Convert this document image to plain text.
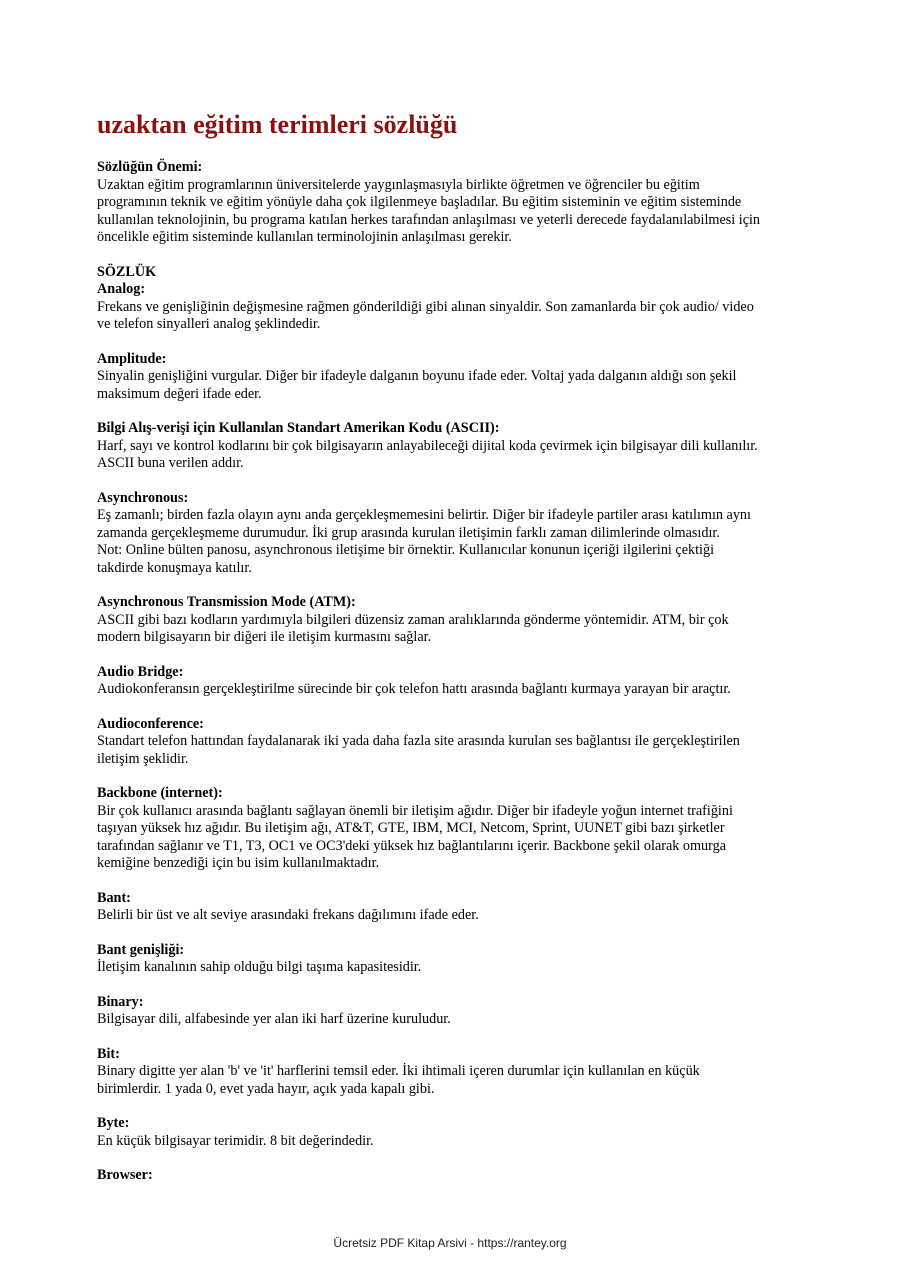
uzaktan eğitim terimleri sözlüğü
Sözlüğün Önemi:
Uzaktan eğitim programlarının üniversitelerde yaygınlaşmasıyla birlikte öğretmen ve öğrenciler bu eğitim
programının teknik ve eğitim yönüyle daha çok ilgilenmeye başladılar. Bu eğitim sisteminin ve eğitim sisteminde
kullanılan teknolojinin, bu programa katılan herkes tarafından anlaşılması ve yeterli derecede faydalanılabilmesi için
öncelikle eğitim sisteminde kullanılan terminolojinin anlaşılması gerekir.
SÖZLÜK
Analog:
Frekans ve genişliğinin değişmesine rağmen gönderildiği gibi alınan sinyaldir. Son zamanlarda bir çok audio/ video
ve telefon sinyalleri analog şeklindedir.
Amplitude:
Sinyalin genişliğini vurgular. Diğer bir ifadeyle dalganın boyunu ifade eder. Voltaj yada dalganın aldığı son şekil
maksimum değeri ifade eder.
Bilgi Alış-verişi için Kullanılan Standart Amerikan Kodu (ASCII):
Harf, sayı ve kontrol kodlarını bir çok bilgisayarın anlayabileceği dijital koda çevirmek için bilgisayar dili kullanılır.
ASCII buna verilen addır.
Asynchronous:
Eş zamanlı; birden fazla olayın aynı anda gerçekleşmemesini belirtir. Diğer bir ifadeyle partiler arası katılımın aynı
zamanda gerçekleşmeme durumudur. İki grup arasında kurulan iletişimin farklı zaman dilimlerinde olmasıdır.
Not: Online bülten panosu, asynchronous iletişime bir örnektir. Kullanıcılar konunun içeriği ilgilerini çektiği
takdirde konuşmaya katılır.
Asynchronous Transmission Mode (ATM):
ASCII gibi bazı kodların yardımıyla bilgileri düzensiz zaman aralıklarında gönderme yöntemidir. ATM, bir çok
modern bilgisayarın bir diğeri ile iletişim kurmasını sağlar.
Audio Bridge:
Audiokonferansın gerçekleştirilme sürecinde bir çok telefon hattı arasında bağlantı kurmaya yarayan bir araçtır.
Audioconference:
Standart telefon hattından faydalanarak iki yada daha fazla site arasında kurulan ses bağlantısı ile gerçekleştirilen
iletişim şeklidir.
Backbone (internet):
Bir çok kullanıcı arasında bağlantı sağlayan önemli bir iletişim ağıdır. Diğer bir ifadeyle yoğun internet trafiğini
taşıyan yüksek hız ağıdır. Bu iletişim ağı, AT&T, GTE, IBM, MCI, Netcom, Sprint, UUNET gibi bazı şirketler
tarafından sağlanır ve T1, T3, OC1 ve OC3'deki yüksek hız bağlantılarını içerir. Backbone şekil olarak omurga
kemiğine benzediği için bu isim kullanılmaktadır.
Bant:
Belirli bir üst ve alt seviye arasındaki frekans dağılımını ifade eder.
Bant genişliği:
İletişim kanalının sahip olduğu bilgi taşıma kapasitesidir.
Binary:
Bilgisayar dili, alfabesinde yer alan iki harf üzerine kuruludur.
Bit:
Binary digitte yer alan 'b' ve 'it' harflerini temsil eder. İki ihtimali içeren durumlar için kullanılan en küçük
birimlerdir. 1 yada 0, evet yada hayır, açık yada kapalı gibi.
Byte:
En küçük bilgisayar terimidir. 8 bit değerindedir.
Browser:
Ücretsiz PDF Kitap Arsivi - https://rantey.org
